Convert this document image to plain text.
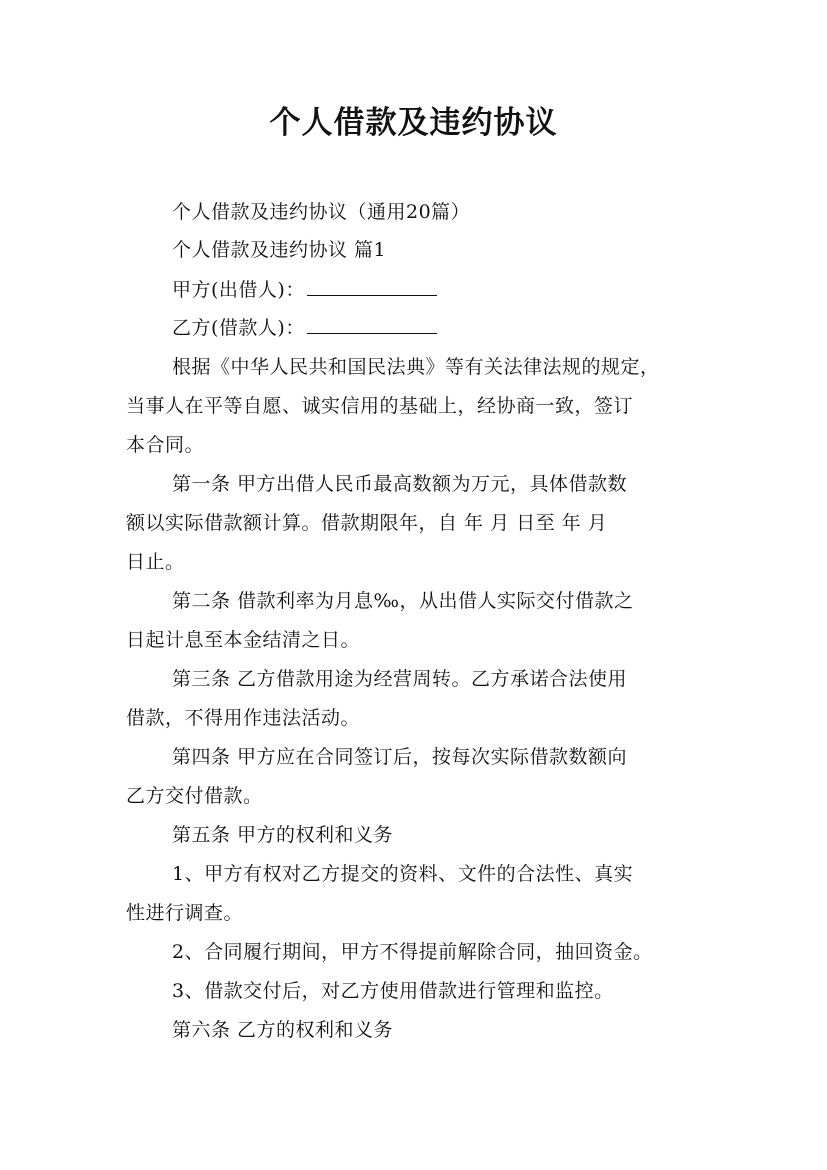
个人借款及违约协议
个人借款及违约协议（通用20篇）
个人借款及违约协议 篇1
甲方(出借人)：
乙方(借款人)：
根据《中华人民共和国民法典》等有关法律法规的规定，
当事人在平等自愿、诚实信用的基础上，经协商一致，签订
本合同。
第一条 甲方出借人民币最高数额为万元，具体借款数
额以实际借款额计算。借款期限年，自 年 月 日至 年 月
日止。
第二条 借款利率为月息‰，从出借人实际交付借款之
日起计息至本金结清之日。
第三条 乙方借款用途为经营周转。乙方承诺合法使用
借款，不得用作违法活动。
第四条 甲方应在合同签订后，按每次实际借款数额向
乙方交付借款。
第五条 甲方的权利和义务
1、甲方有权对乙方提交的资料、文件的合法性、真实
性进行调查。
2、合同履行期间，甲方不得提前解除合同，抽回资金。
3、借款交付后，对乙方使用借款进行管理和监控。
第六条 乙方的权利和义务
